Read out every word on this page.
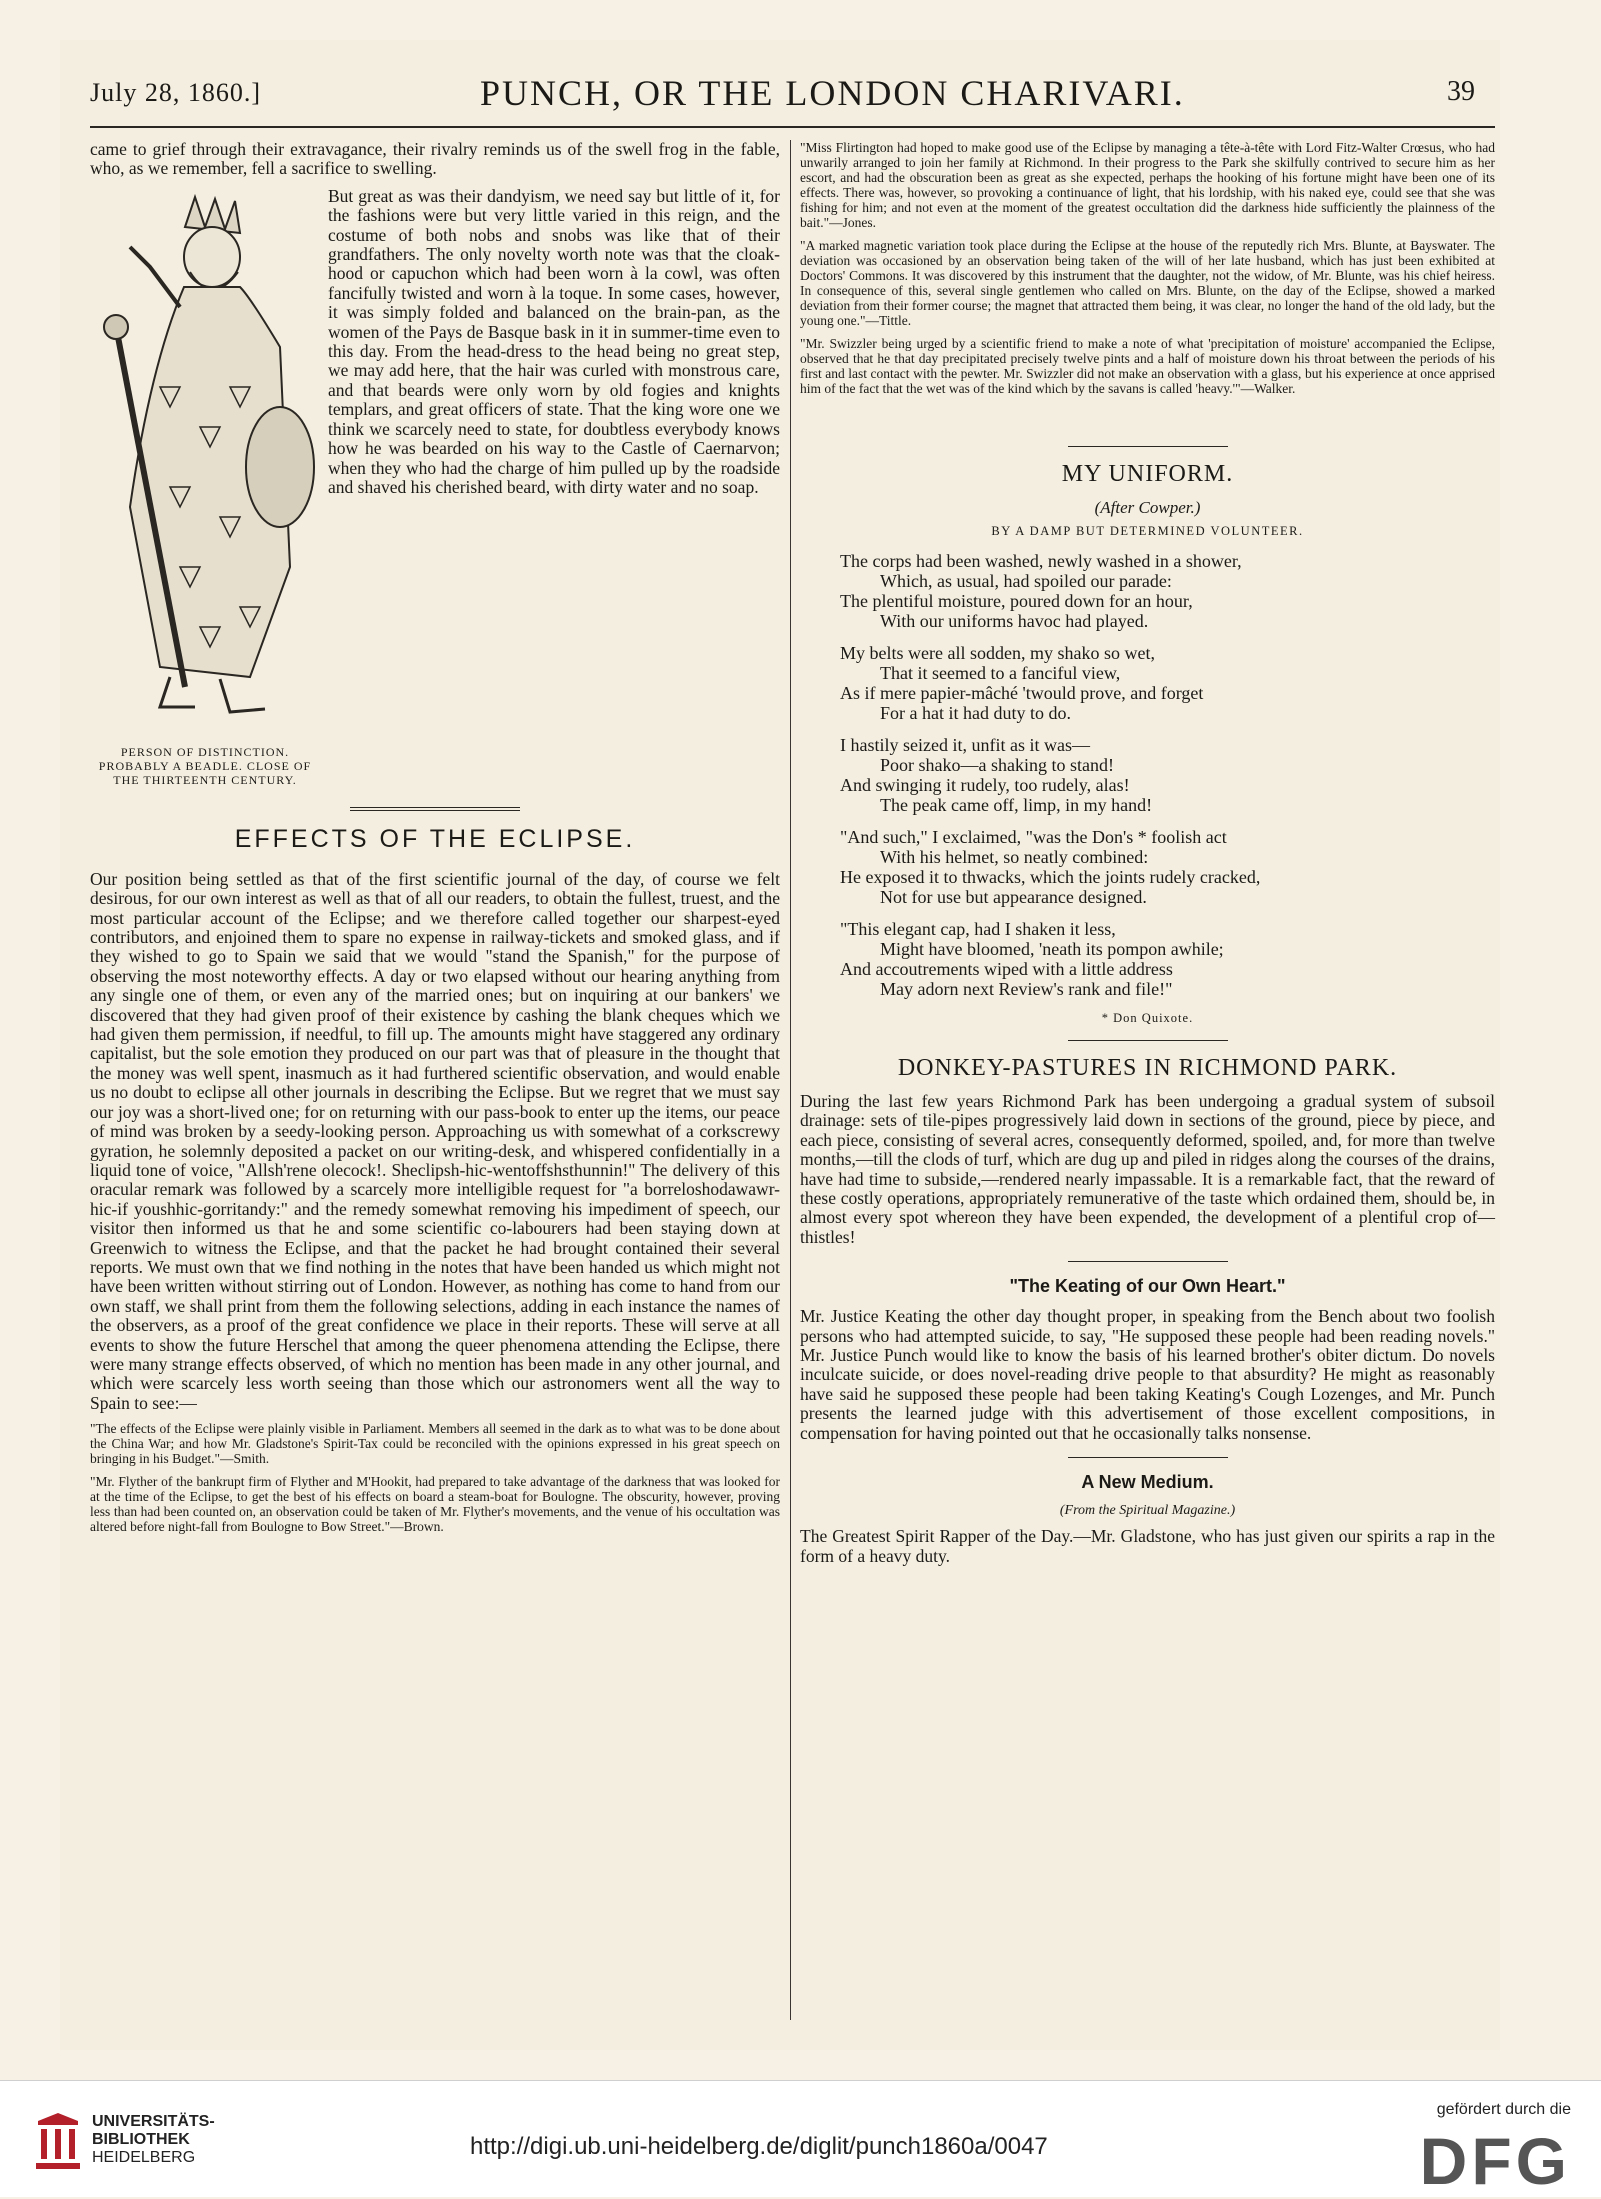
July 28, 1860.]	PUNCH, OR THE LONDON CHARIVARI.	39

came to grief through their extravagance, their rivalry reminds us of the swell frog in the fable, who, as we remember, fell a sacrifice to swelling.

PERSON OF DISTINCTION. PROBABLY A BEADLE. CLOSE OF THE THIRTEENTH CENTURY.

But great as was their dandyism, we need say but little of it, for the fashions were but very little varied in this reign, and the costume of both nobs and snobs was like that of their grandfathers. The only novelty worth note was that the cloak-hood or capuchon which had been worn à la cowl, was often fancifully twisted and worn à la toque. In some cases, however, it was simply folded and balanced on the brain-pan, as the women of the Pays de Basque bask in it in summer-time even to this day. From the head-dress to the head being no great step, we may add here, that the hair was curled with monstrous care, and that beards were only worn by old fogies and knights templars, and great officers of state. That the king wore one we think we scarcely need to state, for doubtless everybody knows how he was bearded on his way to the Castle of Caernarvon; when they who had the charge of him pulled up by the roadside and shaved his cherished beard, with dirty water and no soap.

EFFECTS OF THE ECLIPSE.

Our position being settled as that of the first scientific journal of the day, of course we felt desirous, for our own interest as well as that of all our readers, to obtain the fullest, truest, and the most particular account of the Eclipse; and we therefore called together our sharpest-eyed contributors, and enjoined them to spare no expense in railway-tickets and smoked glass, and if they wished to go to Spain we said that we would "stand the Spanish," for the purpose of observing the most noteworthy effects. A day or two elapsed without our hearing anything from any single one of them, or even any of the married ones; but on inquiring at our bankers' we discovered that they had given proof of their existence by cashing the blank cheques which we had given them permission, if needful, to fill up. The amounts might have staggered any ordinary capitalist, but the sole emotion they produced on our part was that of pleasure in the thought that the money was well spent, inasmuch as it had furthered scientific observation, and would enable us no doubt to eclipse all other journals in describing the Eclipse. But we regret that we must say our joy was a short-lived one; for on returning with our pass-book to enter up the items, our peace of mind was broken by a seedy-looking person. Approaching us with somewhat of a corkscrewy gyration, he solemnly deposited a packet on our writing-desk, and whispered confidentially in a liquid tone of voice, "Allsh'rene olecock!. Sheclipsh-hic-wentoffshsthunnin!" The delivery of this oracular remark was followed by a scarcely more intelligible request for "a borreloshodawawr-hic-if youshhic-gorritandy:" and the remedy somewhat removing his impediment of speech, our visitor then informed us that he and some scientific co-labourers had been staying down at Greenwich to witness the Eclipse, and that the packet he had brought contained their several reports. We must own that we find nothing in the notes that have been handed us which might not have been written without stirring out of London. However, as nothing has come to hand from our own staff, we shall print from them the following selections, adding in each instance the names of the observers, as a proof of the great confidence we place in their reports. These will serve at all events to show the future Herschel that among the queer phenomena attending the Eclipse, there were many strange effects observed, of which no mention has been made in any other journal, and which were scarcely less worth seeing than those which our astronomers went all the way to Spain to see:—

"The effects of the Eclipse were plainly visible in Parliament. Members all seemed in the dark as to what was to be done about the China War; and how Mr. Gladstone's Spirit-Tax could be reconciled with the opinions expressed in his great speech on bringing in his Budget."—Smith.

"Mr. Flyther of the bankrupt firm of Flyther and M'Hookit, had prepared to take advantage of the darkness that was looked for at the time of the Eclipse, to get the best of his effects on board a steam-boat for Boulogne. The obscurity, however, proving less than had been counted on, an observation could be taken of Mr. Flyther's movements, and the venue of his occultation was altered before night-fall from Boulogne to Bow Street."—Brown.

"Miss Flirtington had hoped to make good use of the Eclipse by managing a tête-à-tête with Lord Fitz-Walter Crœsus, who had unwarily arranged to join her family at Richmond. In their progress to the Park she skilfully contrived to secure him as her escort, and had the obscuration been as great as she expected, perhaps the hooking of his fortune might have been one of its effects. There was, however, so provoking a continuance of light, that his lordship, with his naked eye, could see that she was fishing for him; and not even at the moment of the greatest occultation did the darkness hide sufficiently the plainness of the bait."—Jones.

"A marked magnetic variation took place during the Eclipse at the house of the reputedly rich Mrs. Blunte, at Bayswater. The deviation was occasioned by an observation being taken of the will of her late husband, which has just been exhibited at Doctors' Commons. It was discovered by this instrument that the daughter, not the widow, of Mr. Blunte, was his chief heiress. In consequence of this, several single gentlemen who called on Mrs. Blunte, on the day of the Eclipse, showed a marked deviation from their former course; the magnet that attracted them being, it was clear, no longer the hand of the old lady, but the young one."—Tittle.

"Mr. Swizzler being urged by a scientific friend to make a note of what 'precipitation of moisture' accompanied the Eclipse, observed that he that day precipitated precisely twelve pints and a half of moisture down his throat between the periods of his first and last contact with the pewter. Mr. Swizzler did not make an observation with a glass, but his experience at once apprised him of the fact that the wet was of the kind which by the savans is called 'heavy.'"—Walker.

MY UNIFORM.
(After Cowper.)
BY A DAMP BUT DETERMINED VOLUNTEER.
The corps had been washed, newly washed in a shower,
Which, as usual, had spoiled our parade:
The plentiful moisture, poured down for an hour,
With our uniforms havoc had played.
My belts were all sodden, my shako so wet,
That it seemed to a fanciful view,
As if mere papier-mâché 'twould prove, and forget
For a hat it had duty to do.
I hastily seized it, unfit as it was—
Poor shako—a shaking to stand!
And swinging it rudely, too rudely, alas!
The peak came off, limp, in my hand!
"And such," I exclaimed, "was the Don's * foolish act
With his helmet, so neatly combined:
He exposed it to thwacks, which the joints rudely cracked,
Not for use but appearance designed.
"This elegant cap, had I shaken it less,
Might have bloomed, 'neath its pompon awhile;
And accoutrements wiped with a little address
May adorn next Review's rank and file!"
* Don Quixote.
DONKEY-PASTURES IN RICHMOND PARK.

During the last few years Richmond Park has been undergoing a gradual system of subsoil drainage: sets of tile-pipes progressively laid down in sections of the ground, piece by piece, and each piece, consisting of several acres, consequently deformed, spoiled, and, for more than twelve months,—till the clods of turf, which are dug up and piled in ridges along the courses of the drains, have had time to subside,—rendered nearly impassable. It is a remarkable fact, that the reward of these costly operations, appropriately remunerative of the taste which ordained them, should be, in almost every spot whereon they have been expended, the development of a plentiful crop of—thistles!

"The Keating of our Own Heart."

Mr. Justice Keating the other day thought proper, in speaking from the Bench about two foolish persons who had attempted suicide, to say, "He supposed these people had been reading novels." Mr. Justice Punch would like to know the basis of his learned brother's obiter dictum. Do novels inculcate suicide, or does novel-reading drive people to that absurdity? He might as reasonably have said he supposed these people had been taking Keating's Cough Lozenges, and Mr. Punch presents the learned judge with this advertisement of those excellent compositions, in compensation for having pointed out that he occasionally talks nonsense.

A New Medium.
(From the Spiritual Magazine.)

The Greatest Spirit Rapper of the Day.—Mr. Gladstone, who has just given our spirits a rap in the form of a heavy duty.

UNIVERSITÄTS-
BIBLIOTHEK
HEIDELBERG	http://digi.ub.uni-heidelberg.de/diglit/punch1860a/0047
gefördert durch die
DFG
